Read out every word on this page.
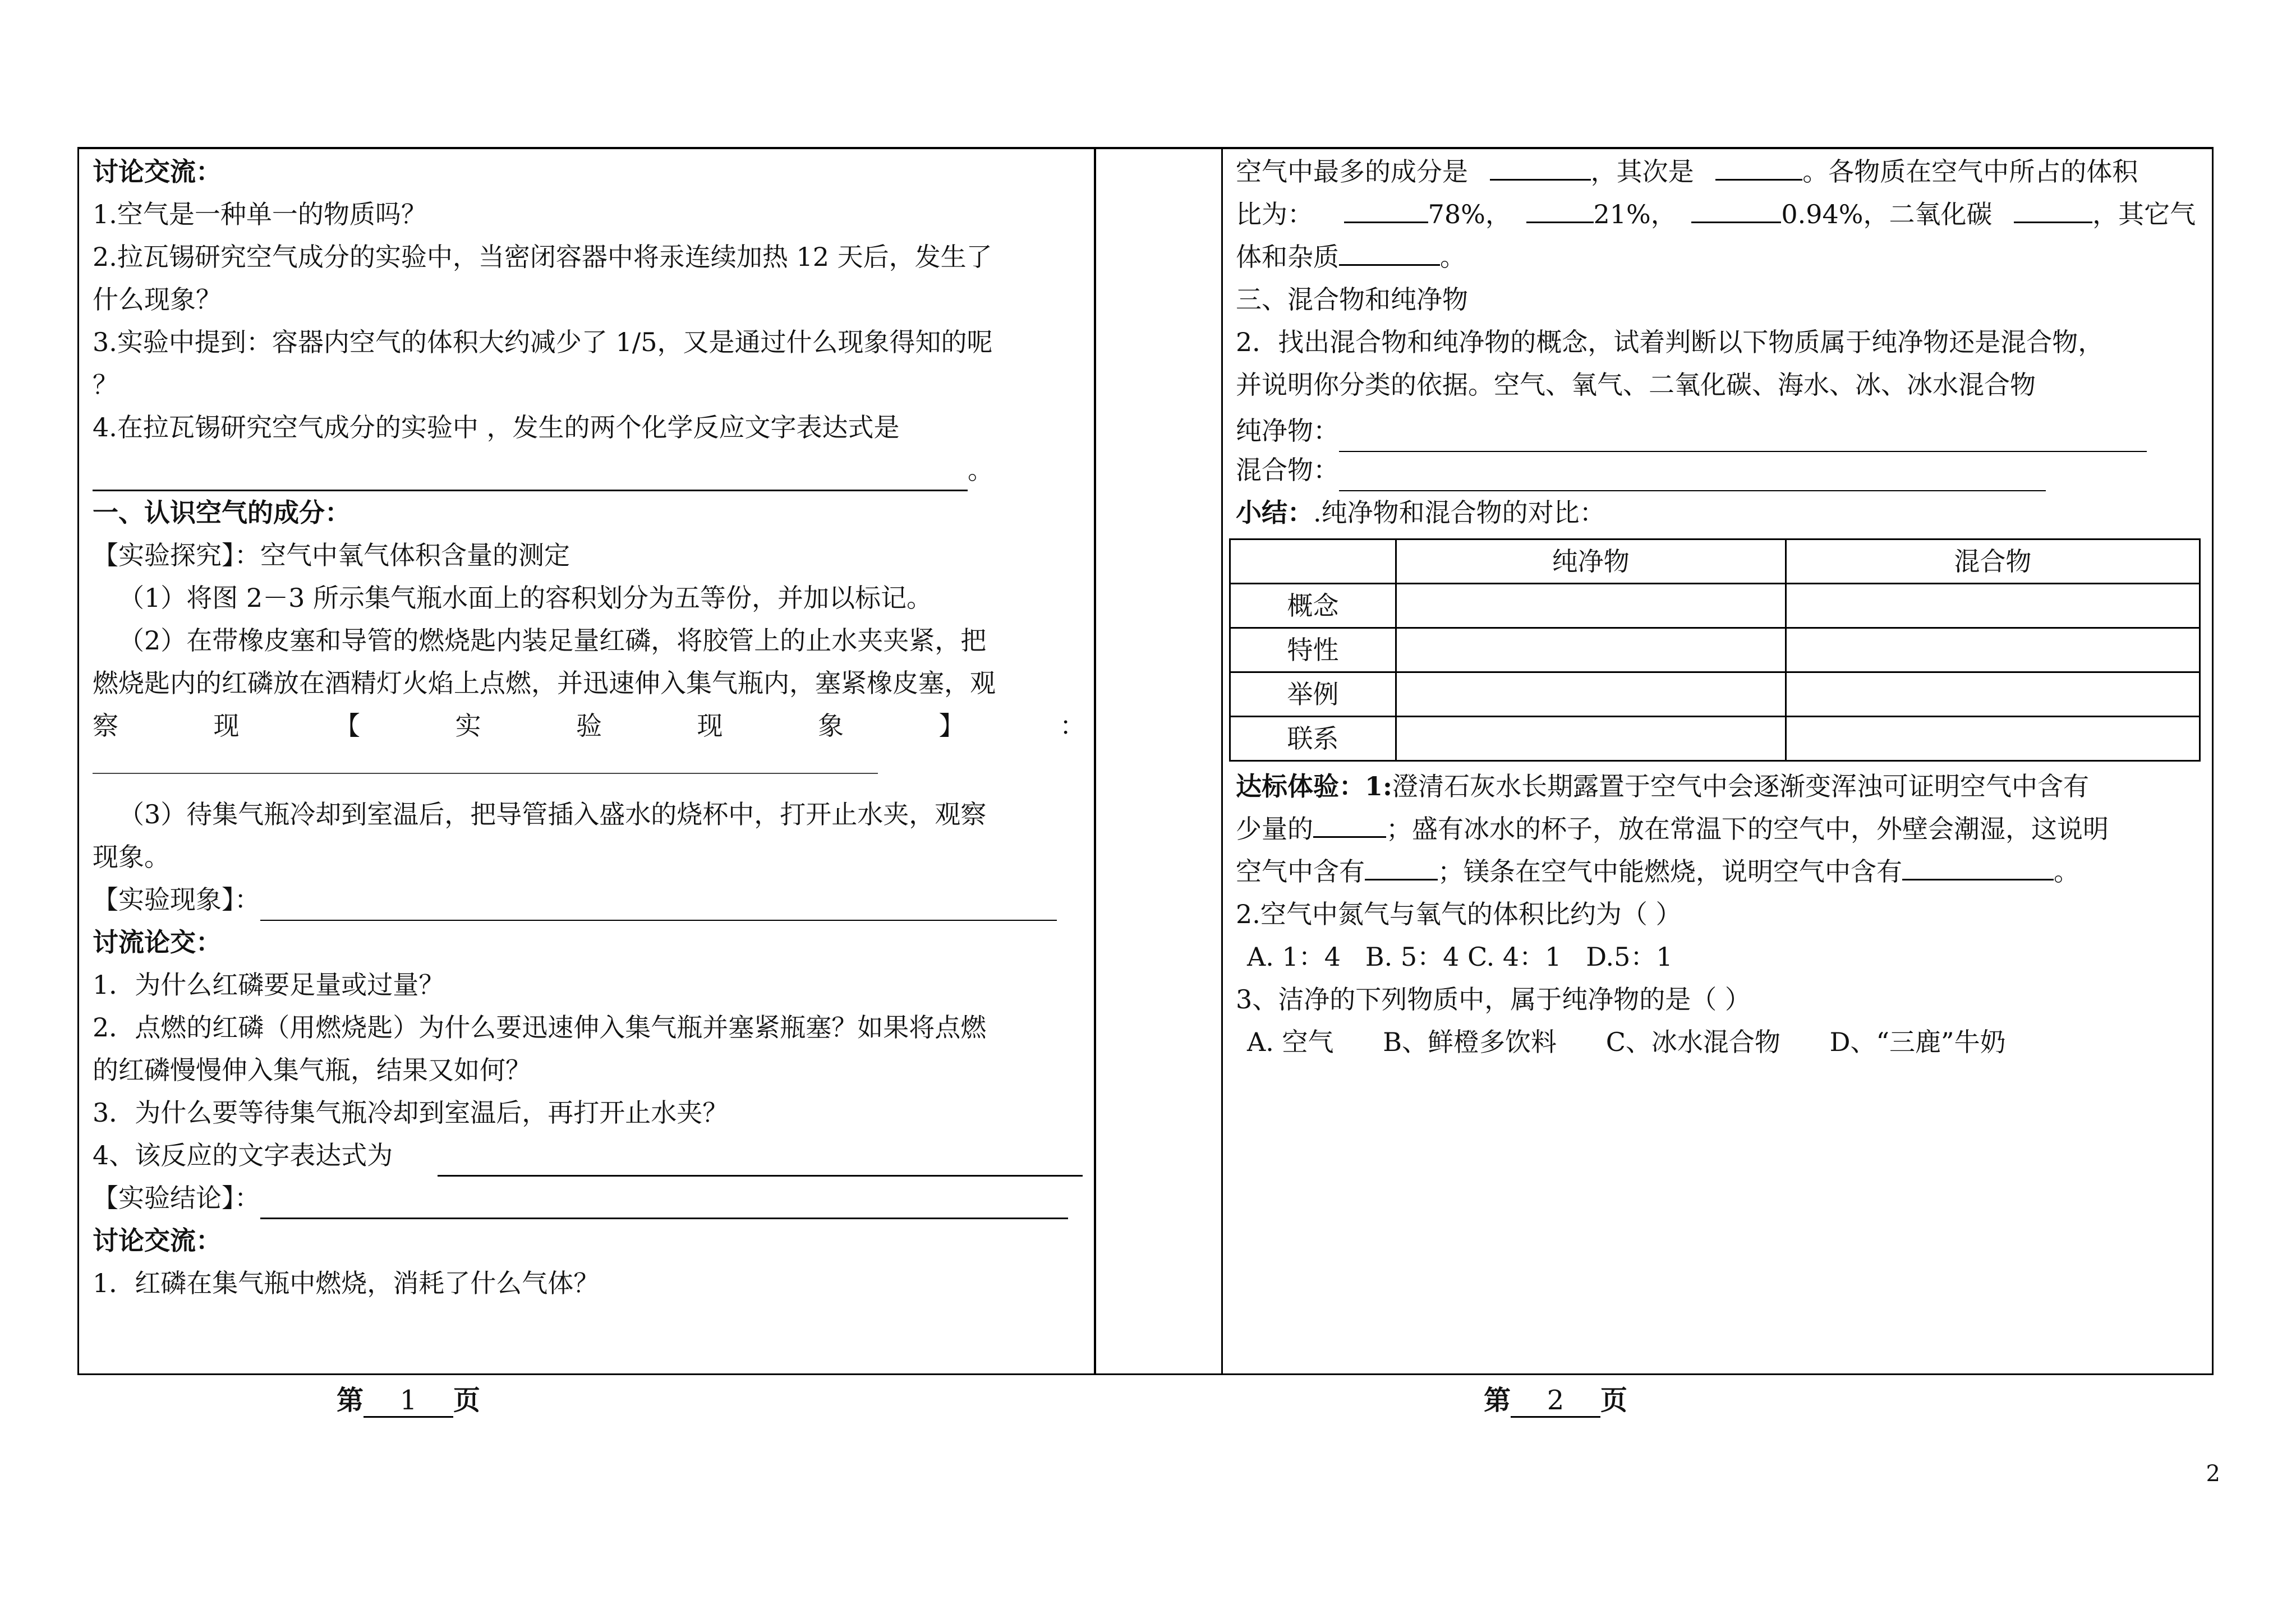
讨论交流：
1.空气是一种单一的物质吗？
2.拉瓦锡研究空气成分的实验中，当密闭容器中将汞连续加热 12 天后，发生了
什么现象？
3.实验中提到：容器内空气的体积大约减少了 1/5，又是通过什么现象得知的呢
？
4.在拉瓦锡研究空气成分的实验中 ，发生的两个化学反应文字表达式是
。
一、认识空气的成分：
【实验探究】：空气中氧气体积含量的测定
（1）将图 2－3 所示集气瓶水面上的容积划分为五等份，并加以标记。
（2）在带橡皮塞和导管的燃烧匙内装足量红磷，将胶管上的止水夹夹紧，把
燃烧匙内的红磷放在酒精灯火焰上点燃，并迅速伸入集气瓶内，塞紧橡皮塞，观
察	现	【	实	验	现	象	】	：
（3）待集气瓶冷却到室温后，把导管插入盛水的烧杯中，打开止水夹，观察
现象。
【实验现象】：
讨流论交：
1．为什么红磷要足量或过量？
2．点燃的红磷（用燃烧匙）为什么要迅速伸入集气瓶并塞紧瓶塞？如果将点燃
的红磷慢慢伸入集气瓶，结果又如何？
3．为什么要等待集气瓶冷却到室温后，再打开止水夹？
4、该反应的文字表达式为
【实验结论】：
讨论交流：
1．红磷在集气瓶中燃烧，消耗了什么气体？
空气中最多的成分是	，其次是	。各物质在空气中所占的体积
比为：	78%，	21%，	0.94%，二氧化碳	，其它气
体和杂质	。
三、混合物和纯净物
2．找出混合物和纯净物的概念，试着判断以下物质属于纯净物还是混合物，
并说明你分类的依据。空气、氧气、二氧化碳、海水、冰、冰水混合物
纯净物：
混合物：
小结：.纯净物和混合物的对比：
	纯净物	混合物
概念		
特性		
举例		
联系		
达标体验：1:澄清石灰水长期露置于空气中会逐渐变浑浊可证明空气中含有
少量的	；盛有冰水的杯子，放在常温下的空气中，外壁会潮湿，这说明
空气中含有	；镁条在空气中能燃烧，说明空气中含有	。
2.空气中氮气与氧气的体积比约为（ ）
A. 1：4   B. 5：4 C. 4：1   D.5：1
3、洁净的下列物质中，属于纯净物的是（ ）
A. 空气      B、鲜橙多饮料      C、冰水混合物      D、“三鹿”牛奶
第 1 页	第 2 页
2
